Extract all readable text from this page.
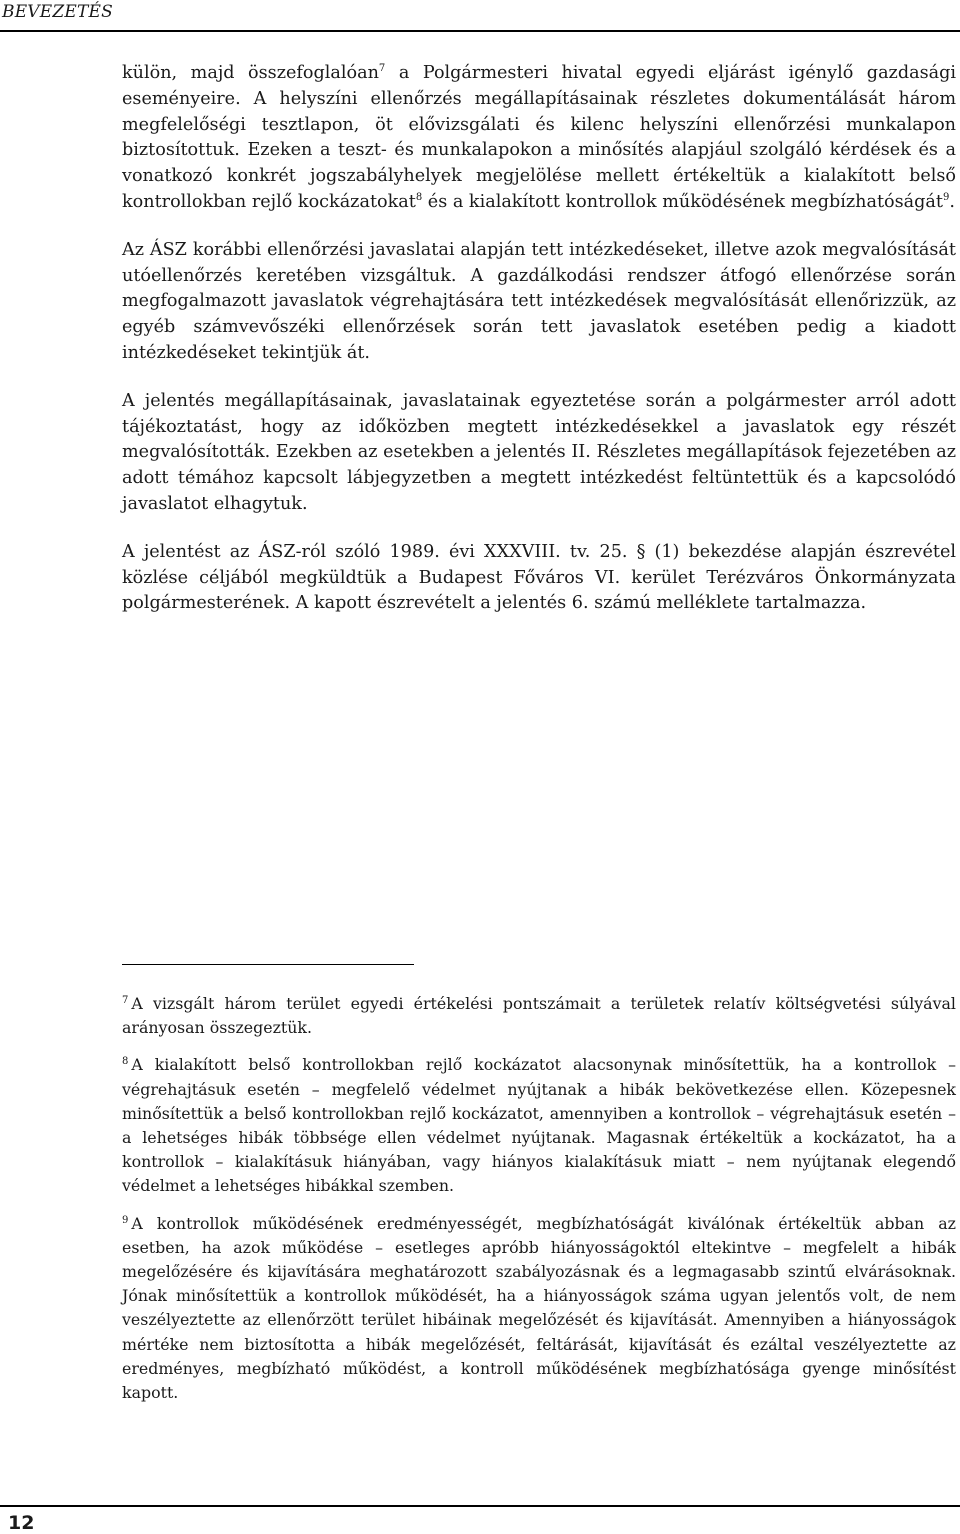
BEVEZETÉS

külön, majd összefoglalóan$^7$ a Polgármesteri hivatal egyedi eljárást igénylő gazdasági eseményeire. A helyszíni ellenőrzés megállapításainak részletes dokumentálását három megfelelőségi tesztlapon, öt elővizsgálati és kilenc helyszíni ellenőrzési munkalapon biztosítottuk. Ezeken a teszt- és munkalapokon a minősítés alapjául szolgáló kérdések és a vonatkozó konkrét jogszabályhelyek megjelölése mellett értékeltük a kialakított belső kontrollokban rejlő kockázatokat$^8$ és a kialakított kontrollok működésének megbízhatóságát$^9$.

Az ÁSZ korábbi ellenőrzési javaslatai alapján tett intézkedéseket, illetve azok megvalósítását utóellenőrzés keretében vizsgáltuk. A gazdálkodási rendszer átfogó ellenőrzése során megfogalmazott javaslatok végrehajtására tett intézkedések megvalósítását ellenőrizzük, az egyéb számvevőszéki ellenőrzések során tett javaslatok esetében pedig a kiadott intézkedéseket tekintjük át.

A jelentés megállapításainak, javaslatainak egyeztetése során a polgármester arról adott tájékoztatást, hogy az időközben megtett intézkedésekkel a javaslatok egy részét megvalósították. Ezekben az esetekben a jelentés II. Részletes megállapítások fejezetében az adott témához kapcsolt lábjegyzetben a megtett intézkedést feltüntettük és a kapcsolódó javaslatot elhagytuk.

A jelentést az ÁSZ-ról szóló 1989. évi XXXVIII. tv. 25. § (1) bekezdése alapján észrevétel közlése céljából megküldtük a Budapest Főváros VI. kerület Terézváros Önkormányzata polgármesterének. A kapott észrevételt a jelentés 6. számú melléklete tartalmazza.

$^7$ A vizsgált három terület egyedi értékelési pontszámait a területek relatív költségvetési súlyával arányosan összegeztük.

$^8$ A kialakított belső kontrollokban rejlő kockázatot alacsonynak minősítettük, ha a kontrollok – végrehajtásuk esetén – megfelelő védelmet nyújtanak a hibák bekövetkezése ellen. Közepesnek minősítettük a belső kontrollokban rejlő kockázatot, amennyiben a kontrollok – végrehajtásuk esetén – a lehetséges hibák többsége ellen védelmet nyújtanak. Magasnak értékeltük a kockázatot, ha a kontrollok – kialakításuk hiányában, vagy hiányos kialakításuk miatt – nem nyújtanak elegendő védelmet a lehetséges hibákkal szemben.

$^9$ A kontrollok működésének eredményességét, megbízhatóságát kiválónak értékeltük abban az esetben, ha azok működése – esetleges apróbb hiányosságoktól eltekintve – megfelelt a hibák megelőzésére és kijavítására meghatározott szabályozásnak és a legmagasabb szintű elvárásoknak. Jónak minősítettük a kontrollok működését, ha a hiányosságok száma ugyan jelentős volt, de nem veszélyeztette az ellenőrzött terület hibáinak megelőzését és kijavítását. Amennyiben a hiányosságok mértéke nem biztosította a hibák megelőzését, feltárását, kijavítását és ezáltal veszélyeztette az eredményes, megbízható működést, a kontroll működésének megbízhatósága gyenge minősítést kapott.

12
